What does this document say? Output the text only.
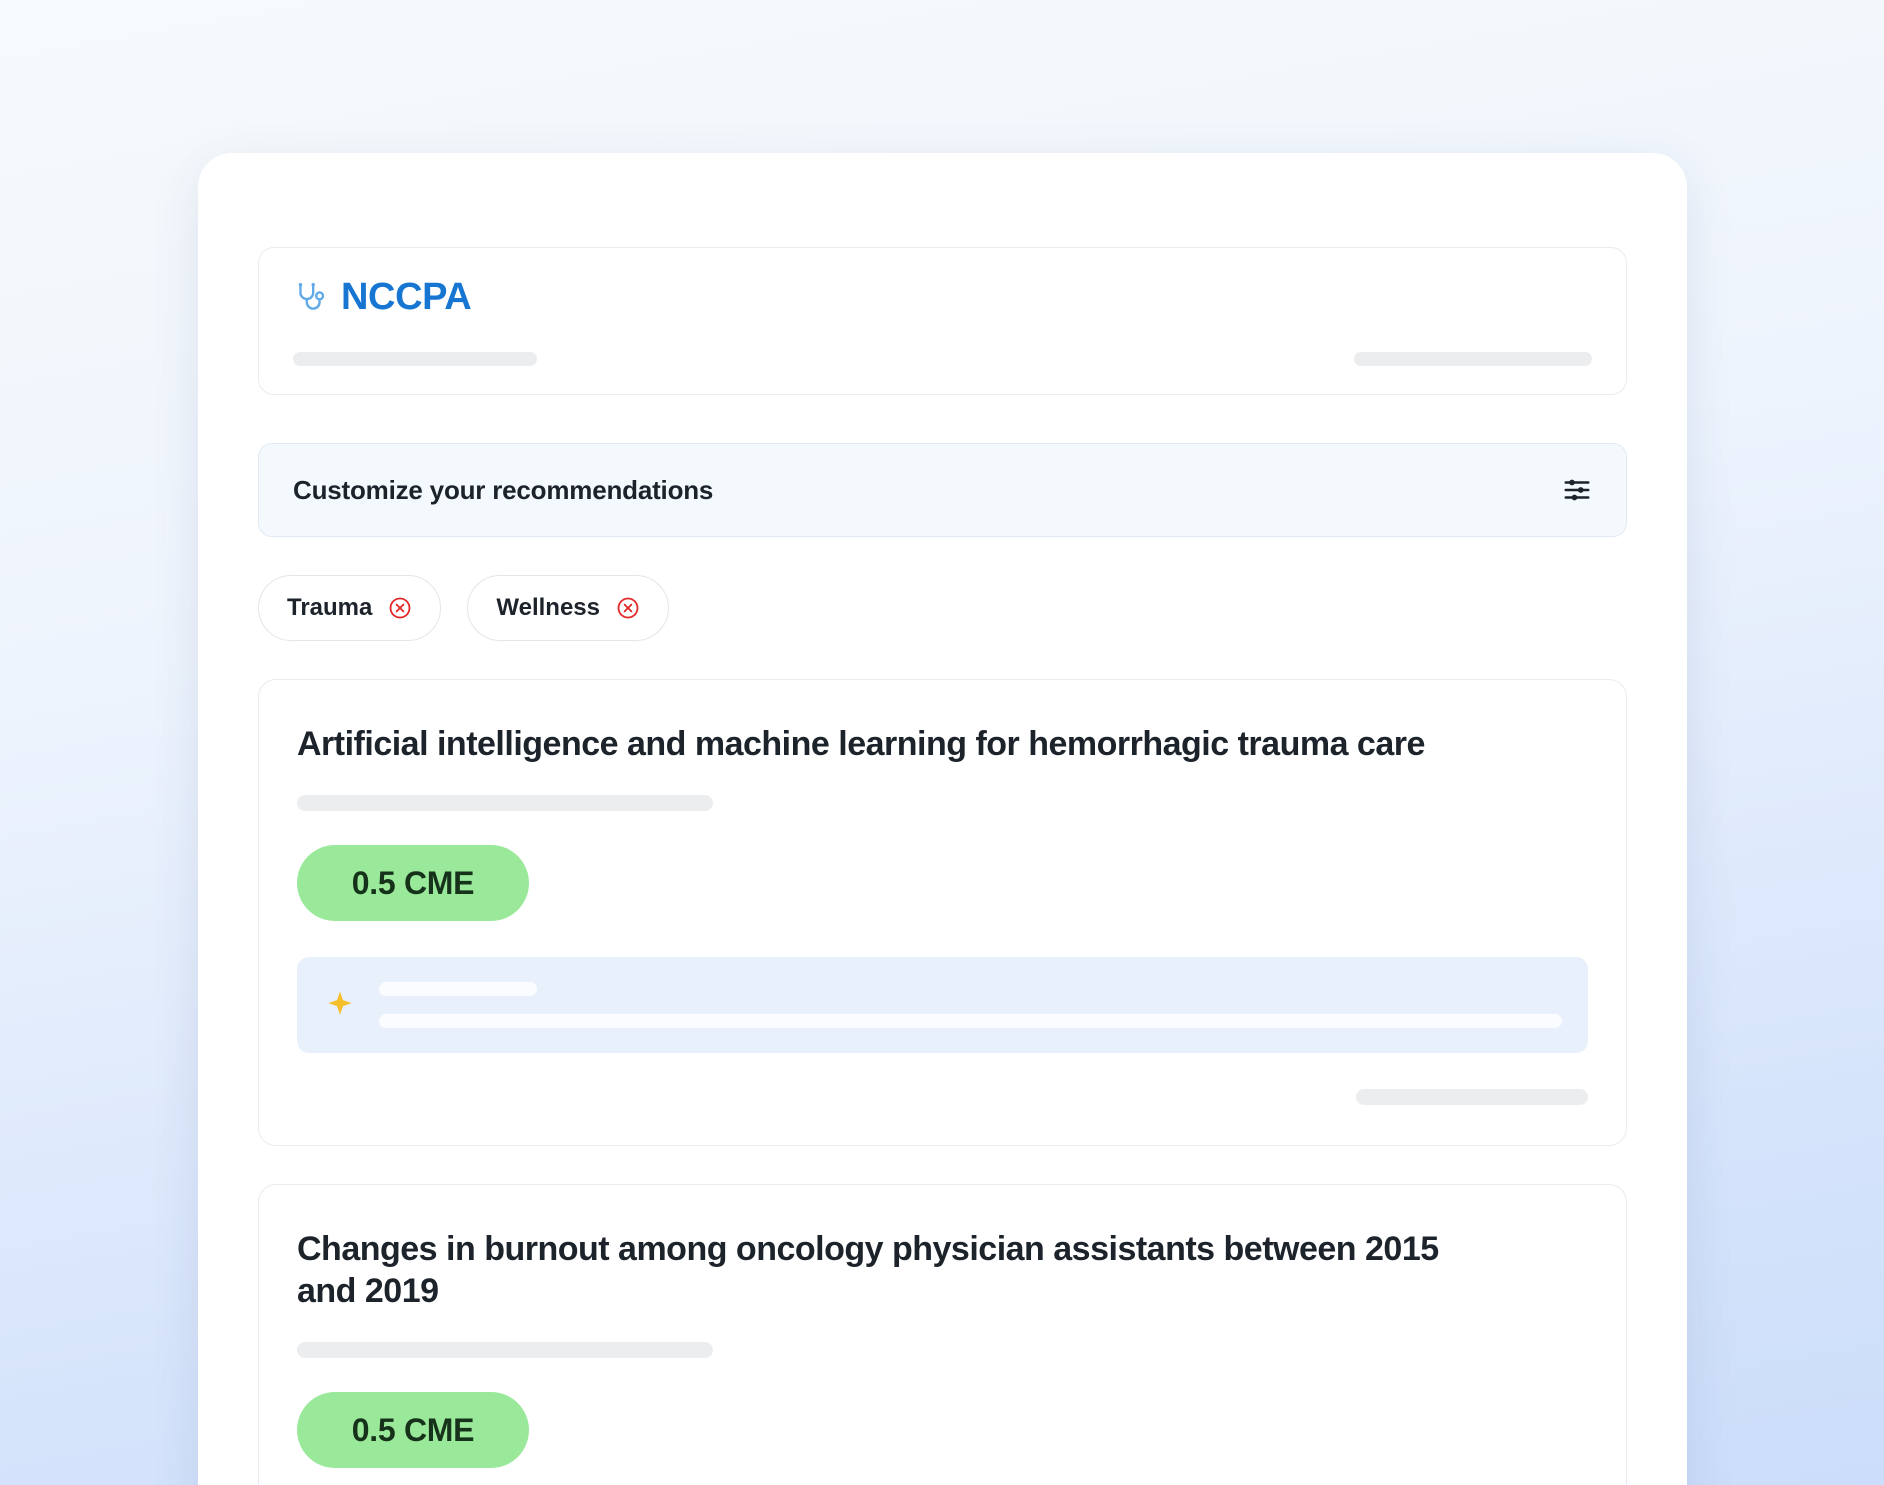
NCCPA
Customize your recommendations
Trauma	Wellness
Artificial intelligence and machine learning for hemorrhagic trauma care
0.5 CME
Changes in burnout among oncology physician assistants between 2015 and 2019
0.5 CME
